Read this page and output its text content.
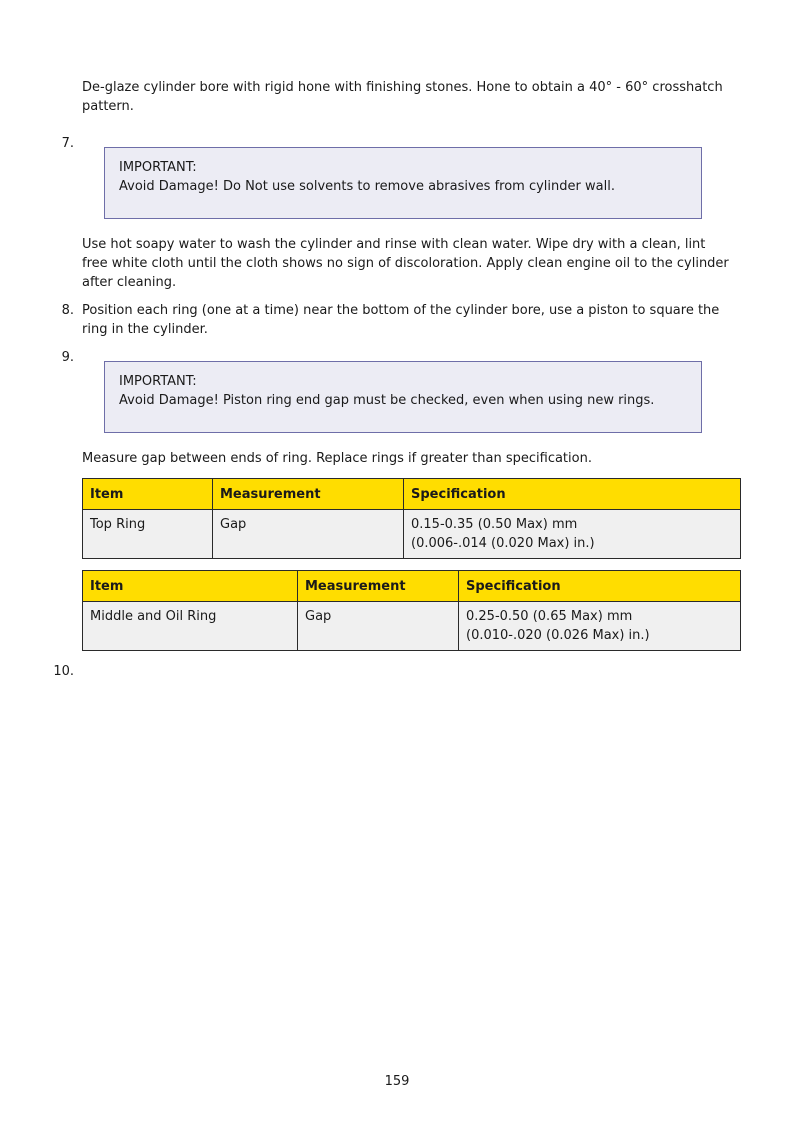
De-glaze cylinder bore with rigid hone with finishing stones. Hone to obtain a 40° - 60° crosshatch pattern.

7.
IMPORTANT:
Avoid Damage! Do Not use solvents to remove abrasives from cylinder wall.

Use hot soapy water to wash the cylinder and rinse with clean water. Wipe dry with a clean, lint free white cloth until the cloth shows no sign of discoloration. Apply clean engine oil to the cylinder after cleaning.

8. Position each ring (one at a time) near the bottom of the cylinder bore, use a piston to square the ring in the cylinder.

9.
IMPORTANT:
Avoid Damage! Piston ring end gap must be checked, even when using new rings.

Measure gap between ends of ring. Replace rings if greater than specification.

Item	Measurement	Specification
Top Ring	Gap	0.15-0.35 (0.50 Max) mm
(0.006-.014 (0.020 Max) in.)
Item	Measurement	Specification
Middle and Oil Ring	Gap	0.25-0.50 (0.65 Max) mm
(0.010-.020 (0.026 Max) in.)
10.
159
